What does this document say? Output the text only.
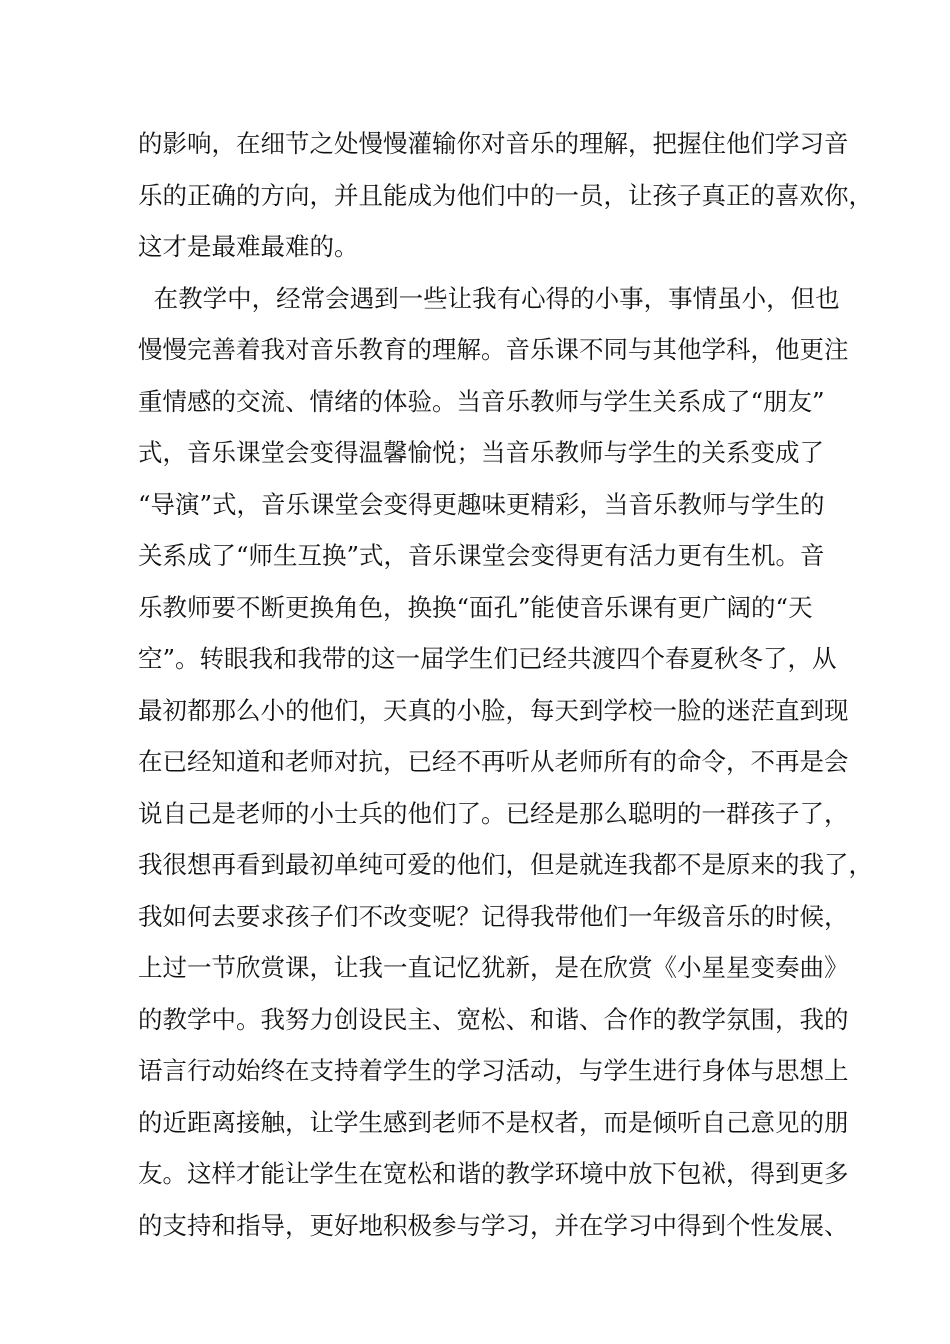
的影响，在细节之处慢慢灌输你对音乐的理解，把握住他们学习音
乐的正确的方向，并且能成为他们中的一员，让孩子真正的喜欢你，
这才是最难最难的。
在教学中，经常会遇到一些让我有心得的小事，事情虽小，但也
慢慢完善着我对音乐教育的理解。音乐课不同与其他学科，他更注
重情感的交流、情绪的体验。当音乐教师与学生关系成了“朋友”
式，音乐课堂会变得温馨愉悦；当音乐教师与学生的关系变成了
“导演”式，音乐课堂会变得更趣味更精彩，当音乐教师与学生的
关系成了“师生互换”式，音乐课堂会变得更有活力更有生机。音
乐教师要不断更换角色，换换“面孔”能使音乐课有更广阔的“天
空”。转眼我和我带的这一届学生们已经共渡四个春夏秋冬了，从
最初都那么小的他们，天真的小脸，每天到学校一脸的迷茫直到现
在已经知道和老师对抗，已经不再听从老师所有的命令，不再是会
说自己是老师的小士兵的他们了。已经是那么聪明的一群孩子了，
我很想再看到最初单纯可爱的他们，但是就连我都不是原来的我了，
我如何去要求孩子们不改变呢？记得我带他们一年级音乐的时候，
上过一节欣赏课，让我一直记忆犹新，是在欣赏《小星星变奏曲》
的教学中。我努力创设民主、宽松、和谐、合作的教学氛围，我的
语言行动始终在支持着学生的学习活动，与学生进行身体与思想上
的近距离接触，让学生感到老师不是权者，而是倾听自己意见的朋
友。这样才能让学生在宽松和谐的教学环境中放下包袱，得到更多
的支持和指导，更好地积极参与学习，并在学习中得到个性发展、
